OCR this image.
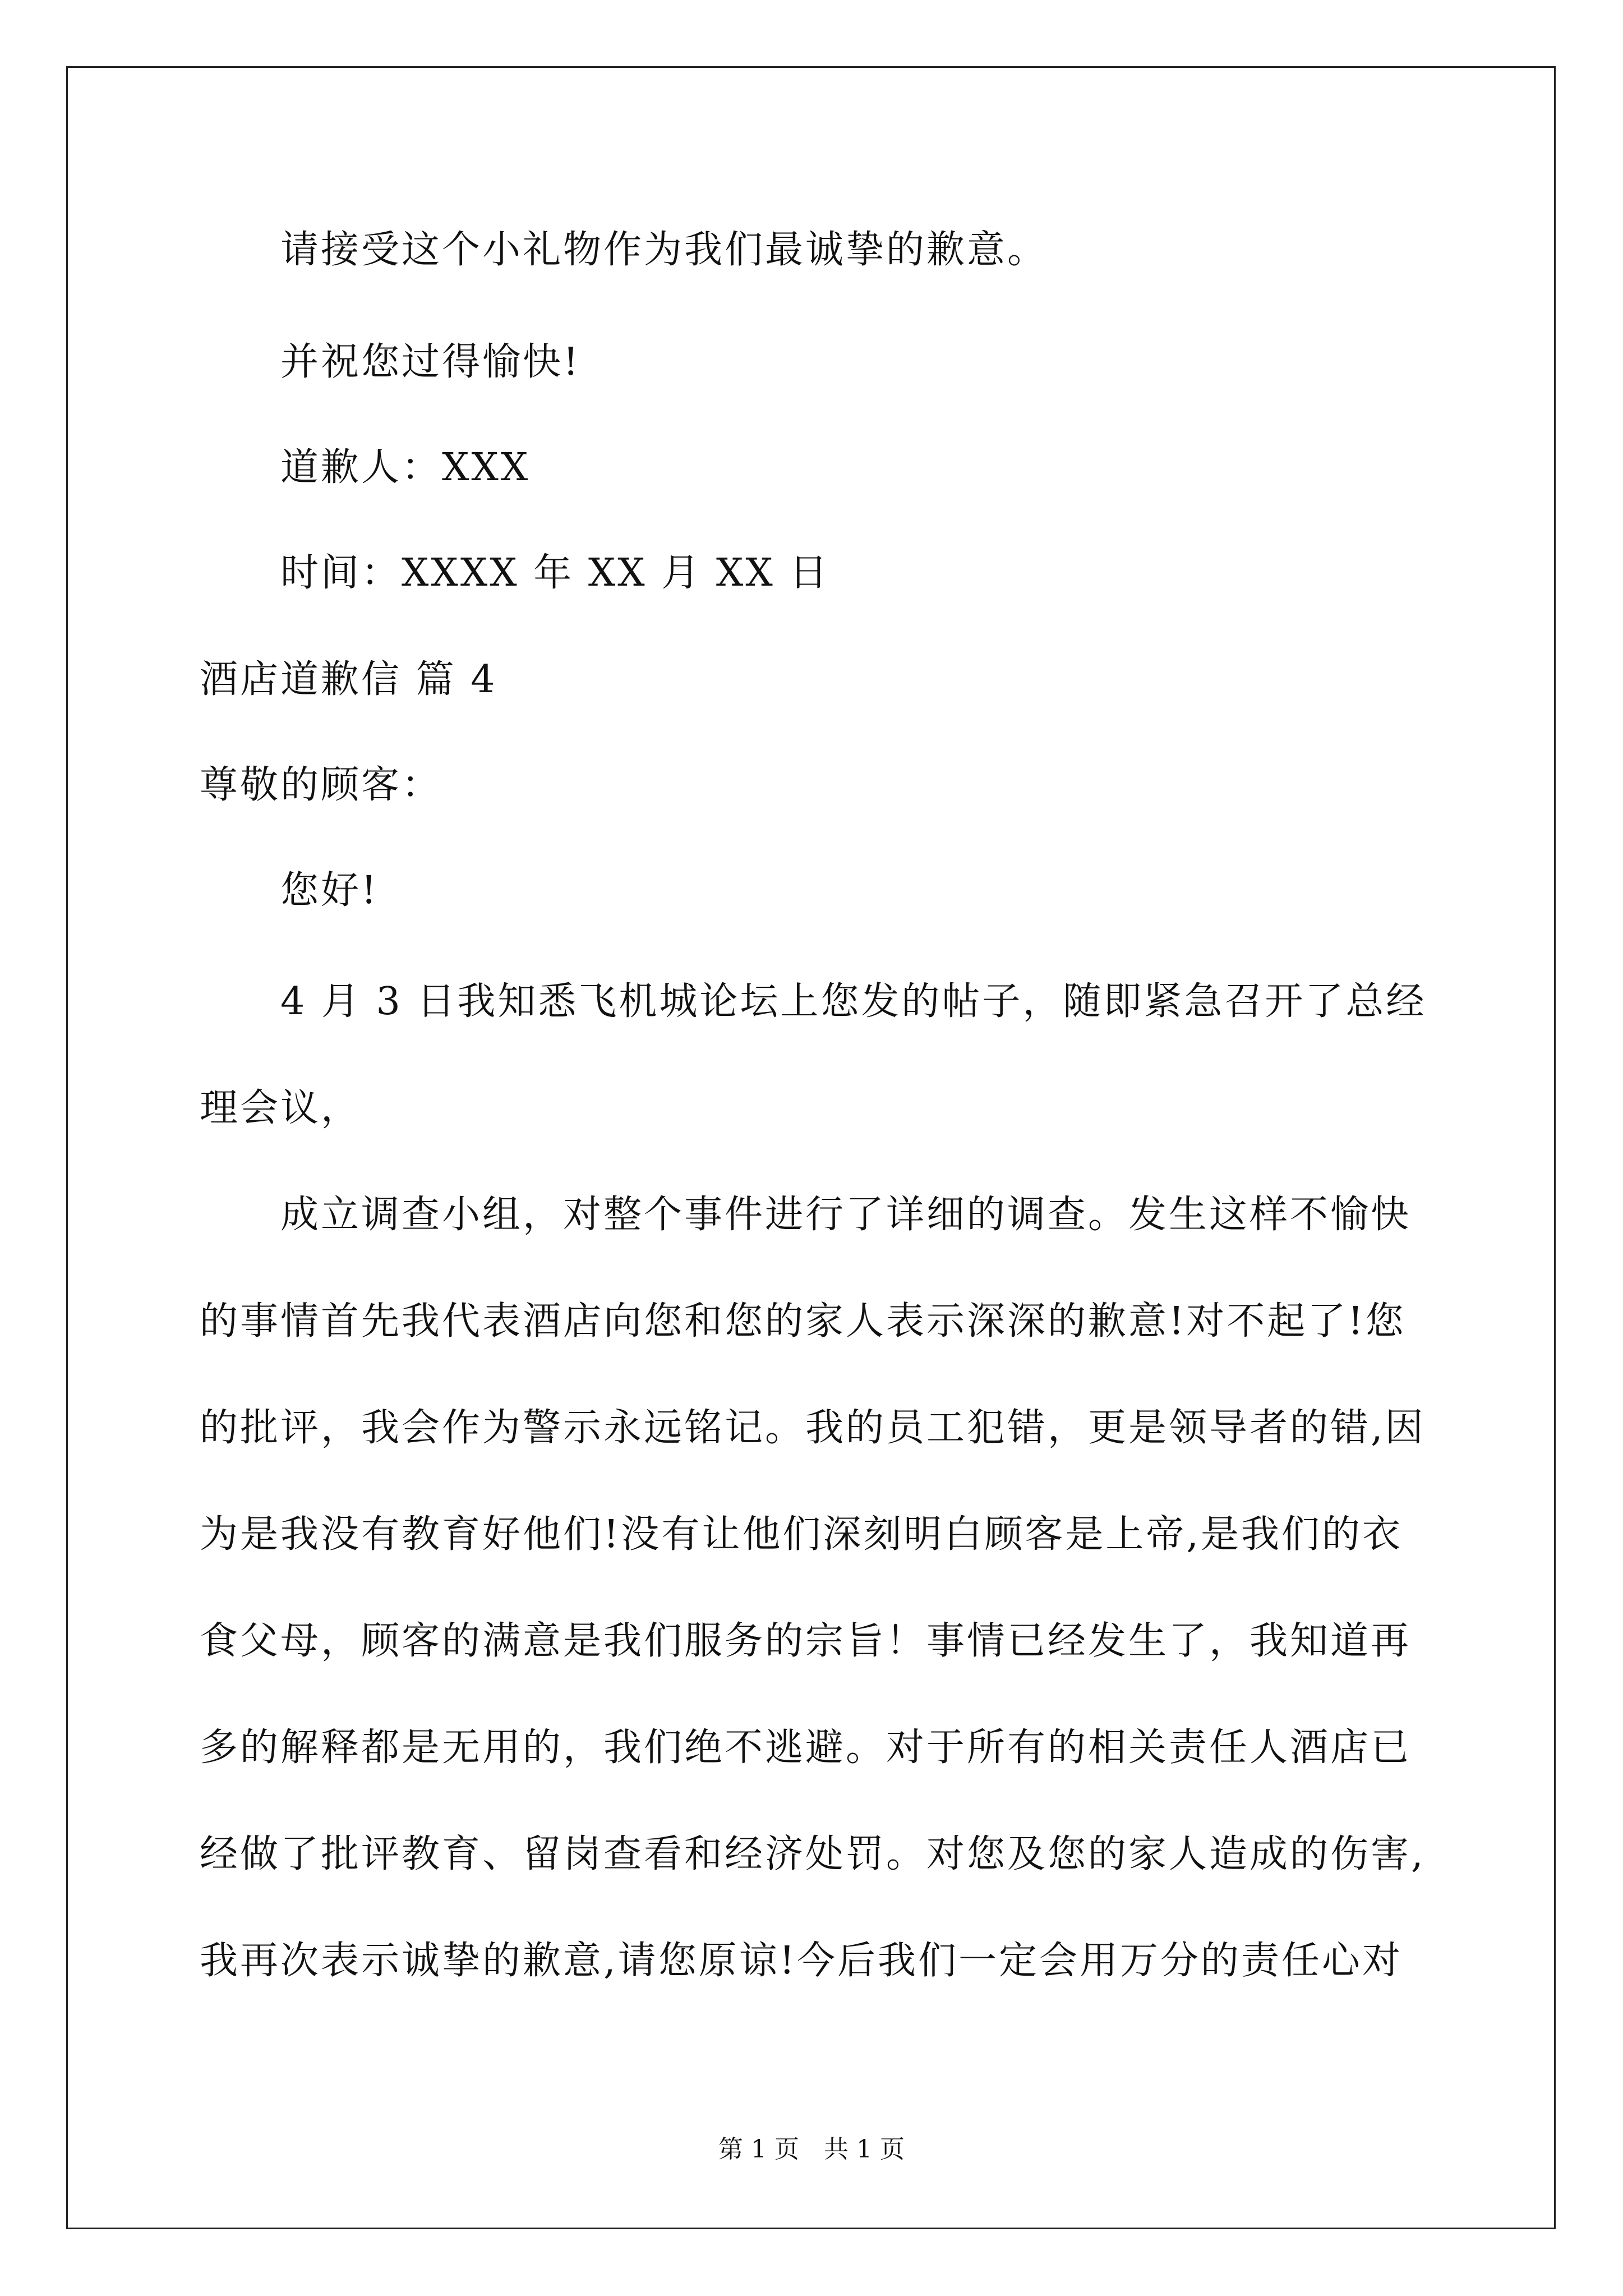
请接受这个小礼物作为我们最诚挚的歉意。
并祝您过得愉快!
道歉人：XXX
时间：XXXX 年 XX 月 XX 日
酒店道歉信 篇 4
尊敬的顾客：
您好!
4 月 3 日我知悉飞机城论坛上您发的帖子，随即紧急召开了总经
理会议，
成立调查小组，对整个事件进行了详细的调查。发生这样不愉快
的事情首先我代表酒店向您和您的家人表示深深的歉意!对不起了!您
的批评，我会作为警示永远铭记。我的员工犯错，更是领导者的错,因
为是我没有教育好他们!没有让他们深刻明白顾客是上帝,是我们的衣
食父母，顾客的满意是我们服务的宗旨！事情已经发生了，我知道再
多的解释都是无用的，我们绝不逃避。对于所有的相关责任人酒店已
经做了批评教育、留岗查看和经济处罚。对您及您的家人造成的伤害,
我再次表示诚挚的歉意,请您原谅!今后我们一定会用万分的责任心对
第 1 页　共 1 页
